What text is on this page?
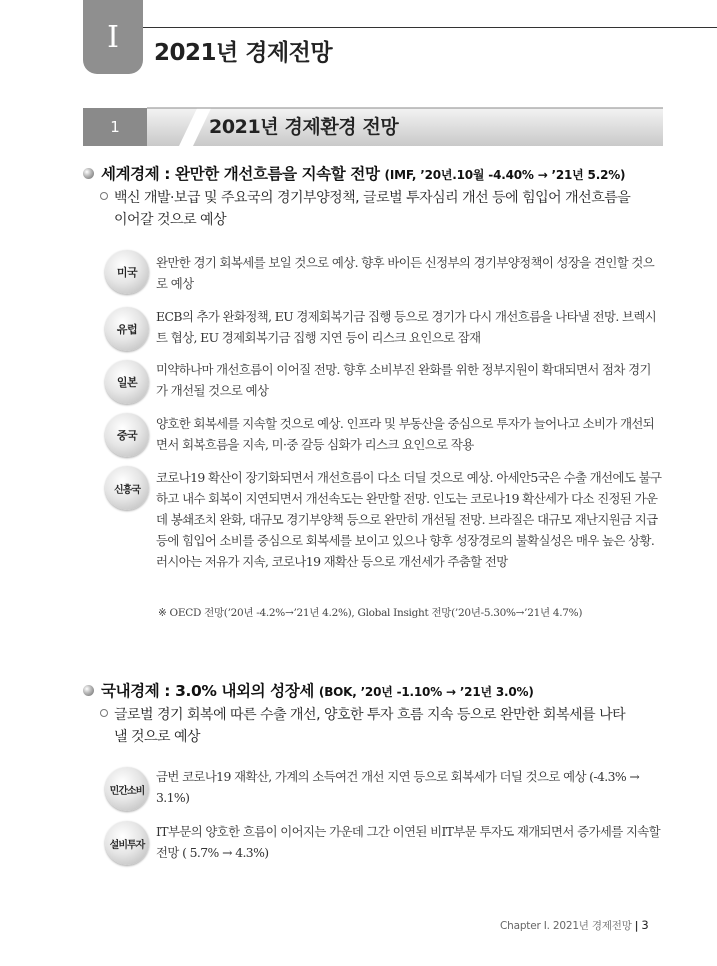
I 2021년 경제전망
1	2021년 경제환경 전망
세계경제 : 완만한 개선흐름을 지속할 전망 (IMF, ’20년.10월 -4.40% → ’21년 5.2%)
백신 개발·보급 및 주요국의 경기부양정책, 글로벌 투자심리 개선 등에 힘입어 개선흐름을
이어갈 것으로 예상
미국
완만한 경기 회복세를 보일 것으로 예상. 향후 바이든 신정부의 경기부양정책이 성장을 견인할 것으로 예상
유럽
ECB의 추가 완화정책, EU 경제회복기금 집행 등으로 경기가 다시 개선흐름을 나타낼 전망. 브렉시트 협상, EU 경제회복기금 집행 지연 등이 리스크 요인으로 잠재
일본
미약하나마 개선흐름이 이어질 전망. 향후 소비부진 완화를 위한 정부지원이 확대되면서 점차 경기가 개선될 것으로 예상
중국
양호한 회복세를 지속할 것으로 예상. 인프라 및 부동산을 중심으로 투자가 늘어나고 소비가 개선되면서 회복흐름을 지속, 미·중 갈등 심화가 리스크 요인으로 작용
신흥국
코로나19 확산이 장기화되면서 개선흐름이 다소 더딜 것으로 예상. 아세안5국은 수출 개선에도 불구하고 내수 회복이 지연되면서 개선속도는 완만할 전망. 인도는 코로나19 확산세가 다소 진정된 가운데 봉쇄조치 완화, 대규모 경기부양책 등으로 완만히 개선될 전망. 브라질은 대규모 재난지원금 지급 등에 힘입어 소비를 중심으로 회복세를 보이고 있으나 향후 성장경로의 불확실성은 매우 높은 상황. 러시아는 저유가 지속, 코로나19 재확산 등으로 개선세가 주춤할 전망
※ OECD 전망(’20년 -4.2%→’21년 4.2%), Global Insight 전망(’20년-5.30%→’21년 4.7%)
국내경제 : 3.0% 내외의 성장세 (BOK, ’20년 -1.10% → ’21년 3.0%)
글로벌 경기 회복에 따른 수출 개선, 양호한 투자 흐름 지속 등으로 완만한 회복세를 나타
낼 것으로 예상
민간소비
금번 코로나19 재확산, 가계의 소득여건 개선 지연 등으로 회복세가 더딜 것으로 예상 (-4.3% → 3.1%)
설비투자
IT부문의 양호한 흐름이 이어지는 가운데 그간 이연된 비IT부문 투자도 재개되면서 증가세를 지속할 전망 ( 5.7% → 4.3%)
Chapter Ⅰ. 2021년 경제전망 | 3
